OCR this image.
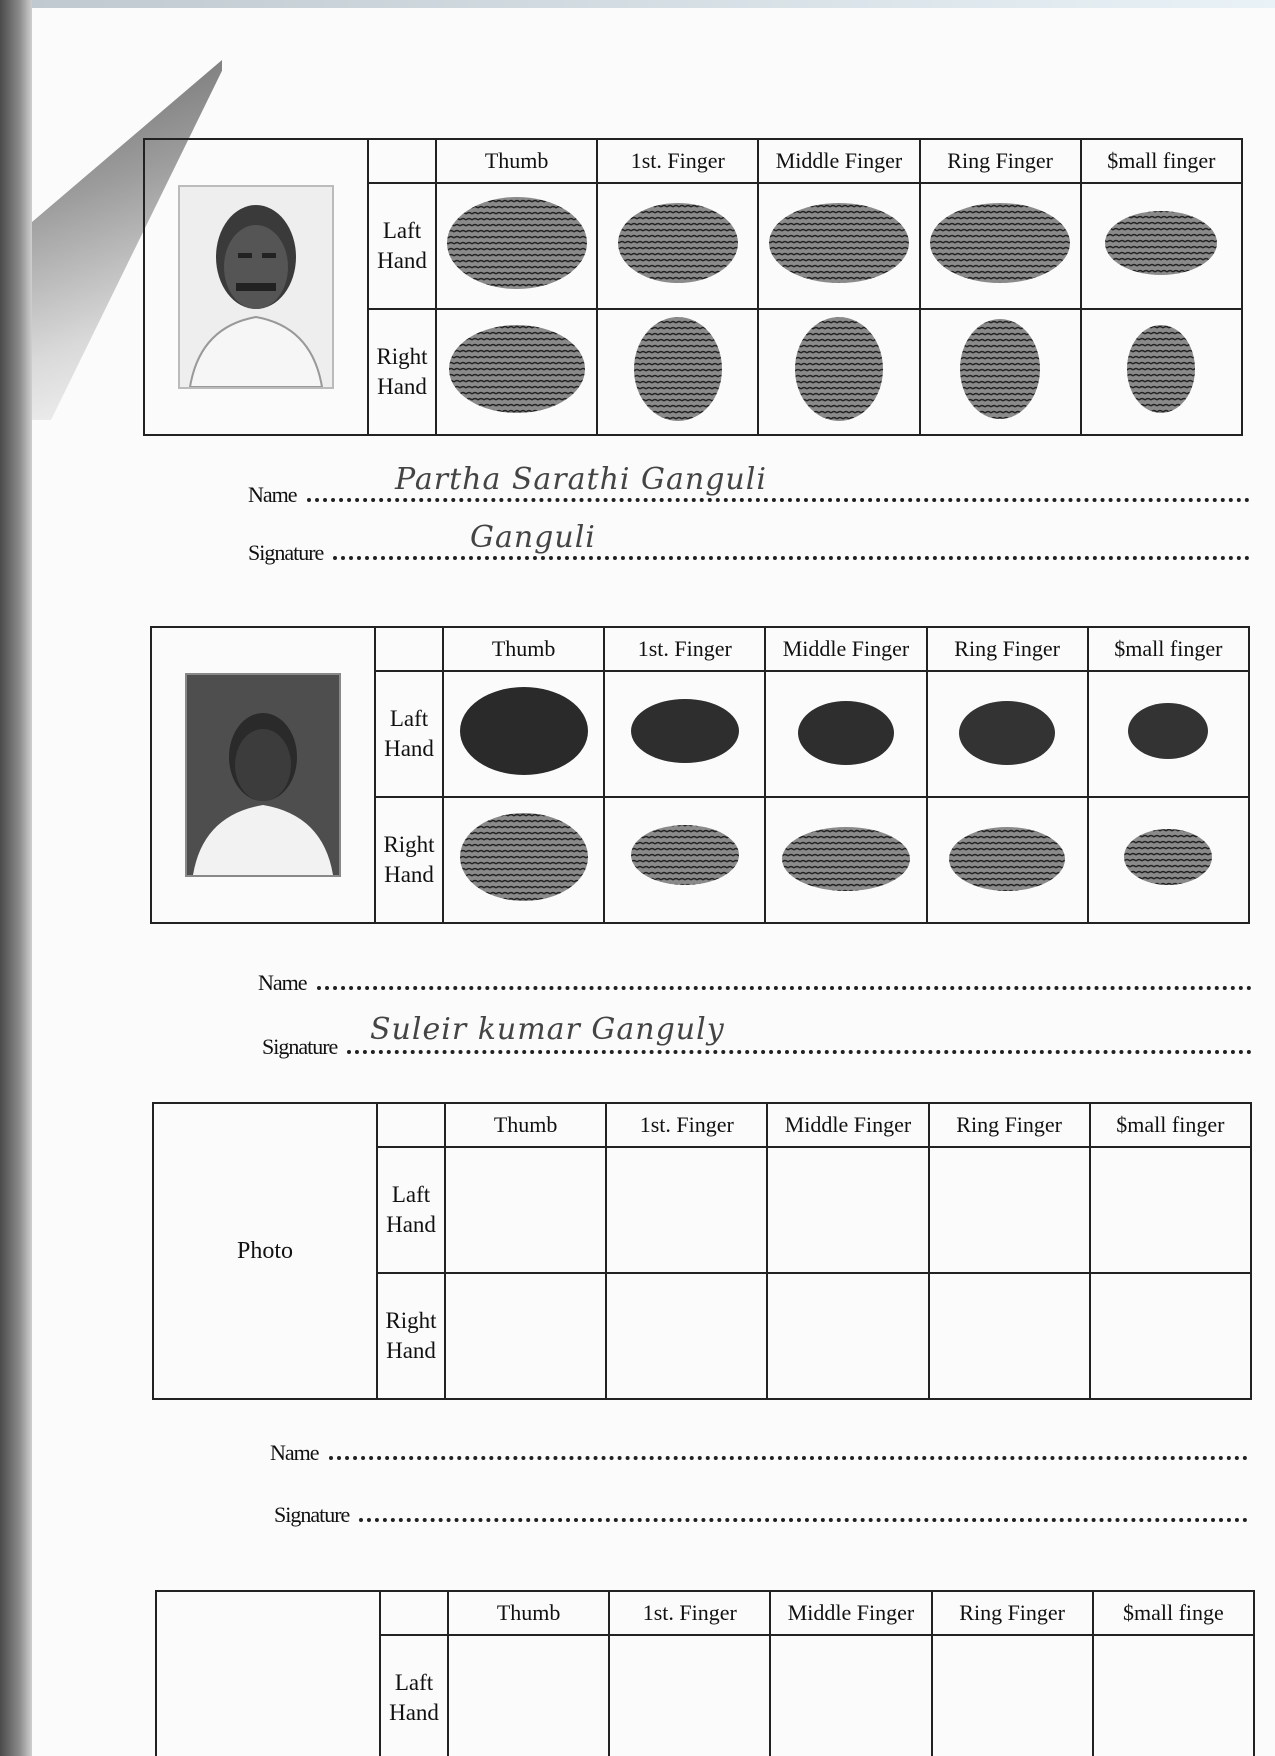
		Thumb	1st. Finger	Middle Finger	Ring Finger	$mall finger
	Laft
Hand					
	Right
Hand					
Name	Partha Sarathi Ganguli
Signature	Ganguli
		Thumb	1st. Finger	Middle Finger	Ring Finger	$mall finger
	Laft
Hand					
	Right
Hand					
Name
Signature Suleir kumar Ganguly
Photo		Thumb	1st. Finger	Middle Finger	Ring Finger	$mall finger
	Laft
Hand					
	Right
Hand					
Name
Signature
		Thumb	1st. Finger	Middle Finger	Ring Finger	$mall finge
	Laft
Hand					
